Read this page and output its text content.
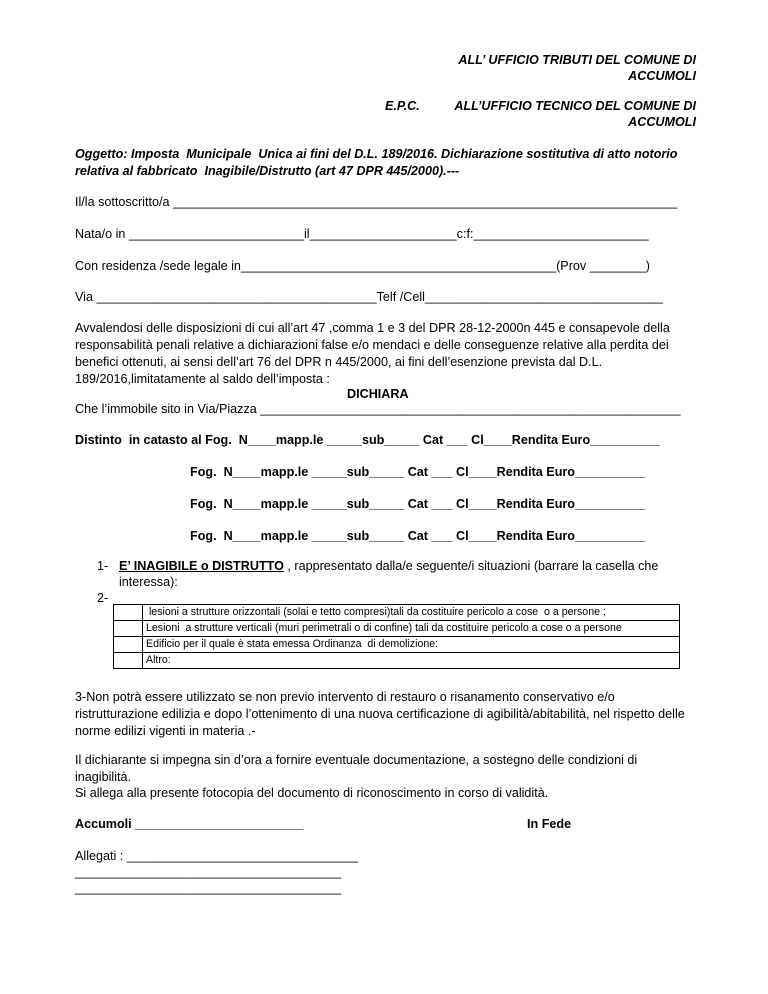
ALL’ UFFICIO TRIBUTI DEL COMUNE DI
ACCUMOLI
E.P.C.	ALL’UFFICIO TECNICO DEL COMUNE DI
ACCUMOLI
Oggetto: Imposta  Municipale  Unica ai fini del D.L. 189/2016. Dichiarazione sostitutiva di atto notorio
relativa al fabbricato  Inagibile/Distrutto (art 47 DPR 445/2000).---
Il/la sottoscritto/a ________________________________________________________________________
Nata/o in _________________________il_____________________c:f:_________________________
Con residenza /sede legale in_____________________________________________(Prov ________)
Via ________________________________________Telf /Cell__________________________________
Avvalendosi delle disposizioni di cui all’art 47 ,comma 1 e 3 del DPR 28-12-2000n 445 e consapevole della responsabilità penali relative a dichiarazioni false e/o mendaci e delle conseguenze relative alla perdita dei benefici ottenuti, ai sensi dell’art 76 del DPR n 445/2000, ai fini dell’esenzione prevista dal D.L. 189/2016,limitatamente al saldo dell’imposta :
DICHIARA
Che l’immobile sito in Via/Piazza ____________________________________________________________
Distinto  in catasto al Fog.  N____mapp.le _____sub_____ Cat ___ Cl____Rendita Euro__________
Fog.  N____mapp.le _____sub_____ Cat ___ Cl____Rendita Euro__________
Fog.  N____mapp.le _____sub_____ Cat ___ Cl____Rendita Euro__________
Fog.  N____mapp.le _____sub_____ Cat ___ Cl____Rendita Euro__________
1- E’ INAGIBILE o DISTRUTTO , rappresentato dalla/e seguente/i situazioni (barrare la casella che
interessa):
2-
	lesioni a strutture orizzontali (solai e tetto compresi)tali da costituire pericolo a cose  o a persone ;
	Lesioni  a strutture verticali (muri perimetrali o di confine) tali da costituire pericolo a cose o a persone
	Edificio per il quale è stata emessa Ordinanza  di demolizione:
	Altro:
3-Non potrà essere utilizzato se non previo intervento di restauro o risanamento conservativo e/o ristrutturazione edilizia e dopo l’ottenimento di una nuova certificazione di agibilità/abitabilità, nel rispetto delle norme edilizi vigenti in materia .-
Il dichiarante si impegna sin d’ora a fornire eventuale documentazione, a sostegno delle condizioni di inagibilità.
Si allega alla presente fotocopia del documento di riconoscimento in corso di validità.
Accumoli ________________________	In Fede
Allegati : _________________________________
______________________________________
______________________________________
